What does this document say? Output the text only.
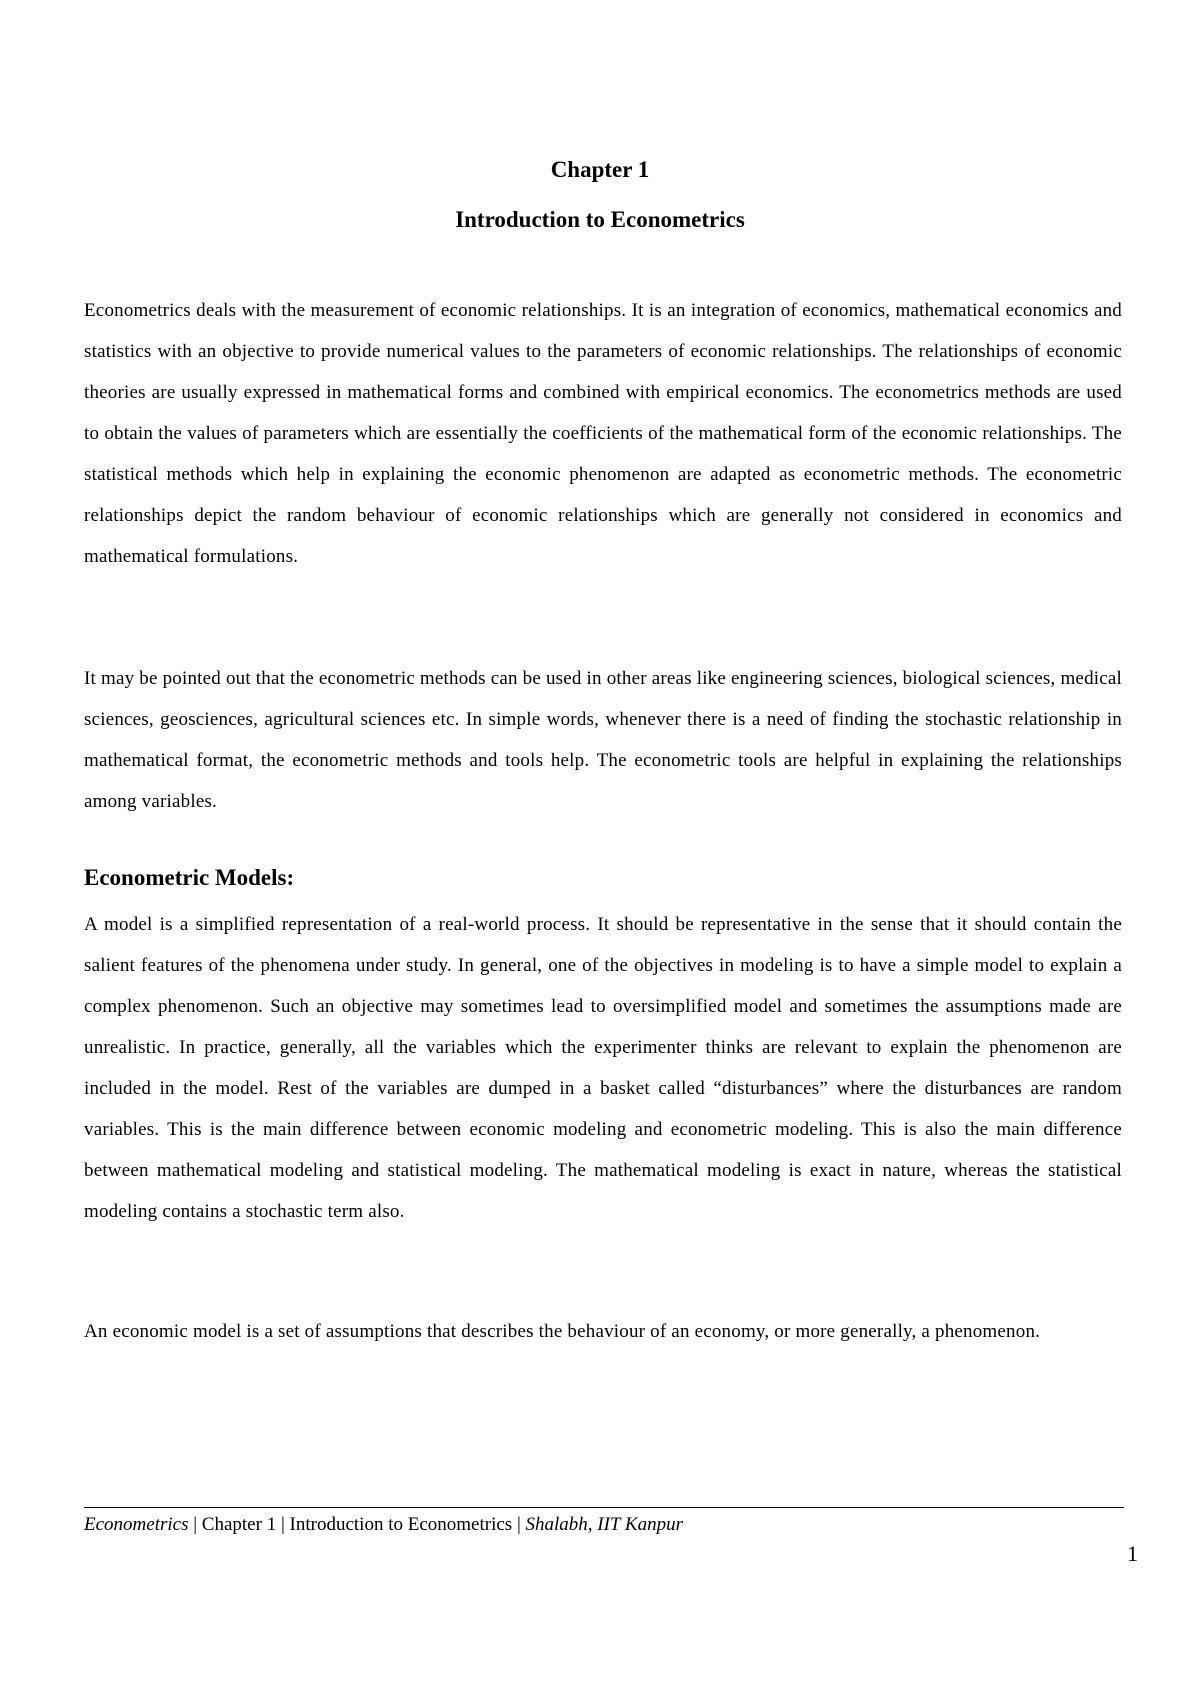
Chapter 1
Introduction to Econometrics

Econometrics deals with the measurement of economic relationships. It is an integration of economics, mathematical economics and statistics with an objective to provide numerical values to the parameters of economic relationships. The relationships of economic theories are usually expressed in mathematical forms and combined with empirical economics. The econometrics methods are used to obtain the values of parameters which are essentially the coefficients of the mathematical form of the economic relationships. The statistical methods which help in explaining the economic phenomenon are adapted as econometric methods. The econometric relationships depict the random behaviour of economic relationships which are generally not considered in economics and mathematical formulations.

It may be pointed out that the econometric methods can be used in other areas like engineering sciences, biological sciences, medical sciences, geosciences, agricultural sciences etc. In simple words, whenever there is a need of finding the stochastic relationship in mathematical format, the econometric methods and tools help. The econometric tools are helpful in explaining the relationships among variables.

Econometric Models:

A model is a simplified representation of a real-world process. It should be representative in the sense that it should contain the salient features of the phenomena under study. In general, one of the objectives in modeling is to have a simple model to explain a complex phenomenon. Such an objective may sometimes lead to oversimplified model and sometimes the assumptions made are unrealistic. In practice, generally, all the variables which the experimenter thinks are relevant to explain the phenomenon are included in the model. Rest of the variables are dumped in a basket called “disturbances” where the disturbances are random variables. This is the main difference between economic modeling and econometric modeling. This is also the main difference between mathematical modeling and statistical modeling. The mathematical modeling is exact in nature, whereas the statistical modeling contains a stochastic term also.

An economic model is a set of assumptions that describes the behaviour of an economy, or more generally, a phenomenon.

Econometrics | Chapter 1 | Introduction to Econometrics | Shalabh, IIT Kanpur
1
